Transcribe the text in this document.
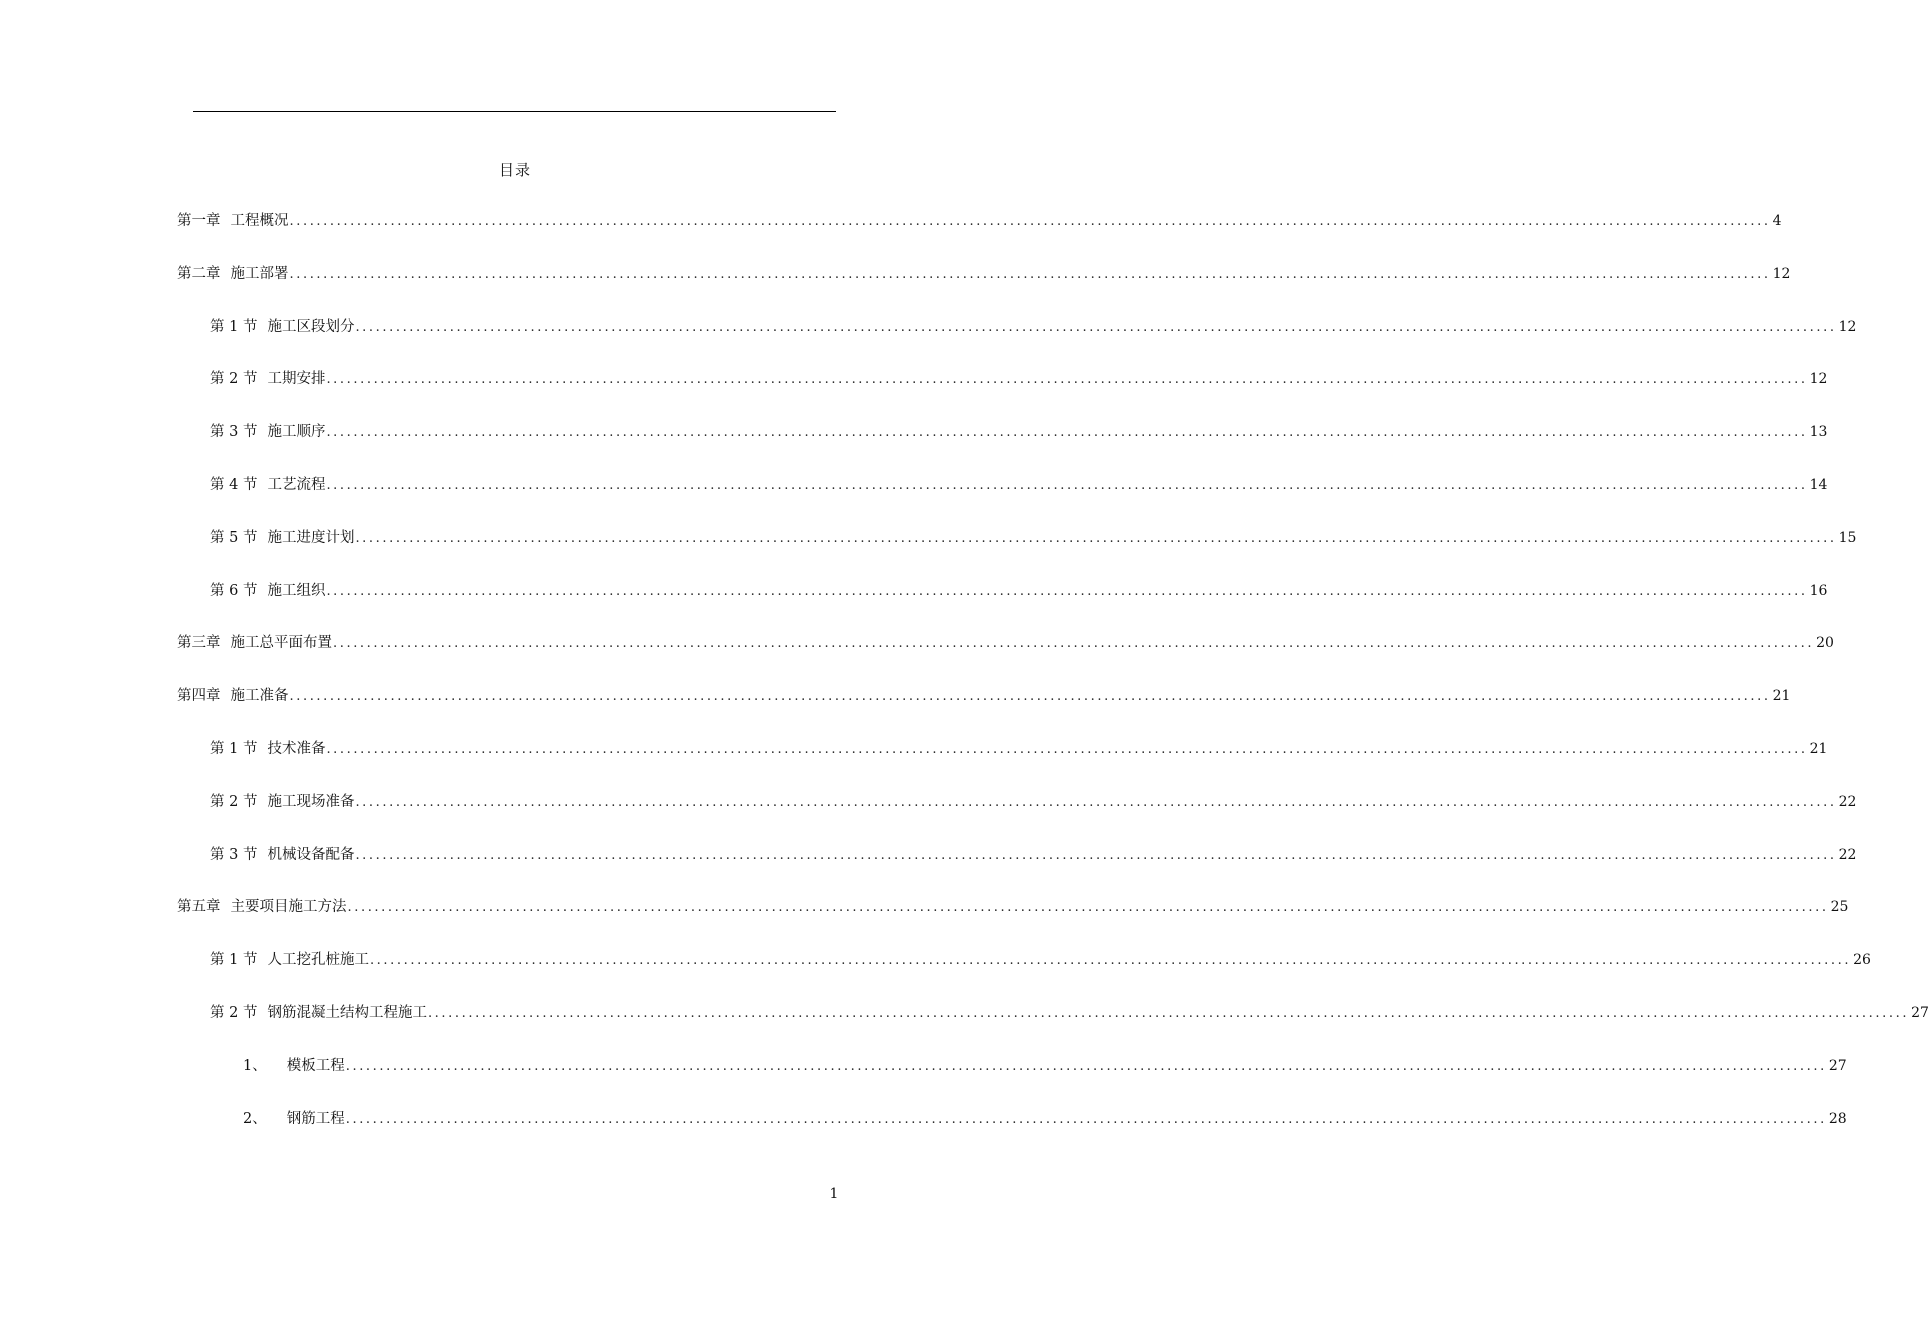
目录
第一章 工程概况 ............................................................................................................................................................................................................................ 4
第二章 施工部署 ............................................................................................................................................................................................................................ 12
第 1 节 施工区段划分 ............................................................................................................................................................................................................................ 12
第 2 节 工期安排 ............................................................................................................................................................................................................................ 12
第 3 节 施工顺序 ............................................................................................................................................................................................................................ 13
第 4 节 工艺流程 ............................................................................................................................................................................................................................ 14
第 5 节 施工进度计划 ............................................................................................................................................................................................................................ 15
第 6 节 施工组织 ............................................................................................................................................................................................................................ 16
第三章 施工总平面布置 ............................................................................................................................................................................................................................ 20
第四章 施工准备 ............................................................................................................................................................................................................................ 21
第 1 节 技术准备 ............................................................................................................................................................................................................................ 21
第 2 节 施工现场准备 ............................................................................................................................................................................................................................ 22
第 3 节 机械设备配备 ............................................................................................................................................................................................................................ 22
第五章 主要项目施工方法 ............................................................................................................................................................................................................................ 25
第 1 节 人工挖孔桩施工 ............................................................................................................................................................................................................................ 26
第 2 节 钢筋混凝土结构工程施工 ............................................................................................................................................................................................................................ 27
1、 模板工程 ............................................................................................................................................................................................................................ 27
2、 钢筋工程 ............................................................................................................................................................................................................................ 28
1
